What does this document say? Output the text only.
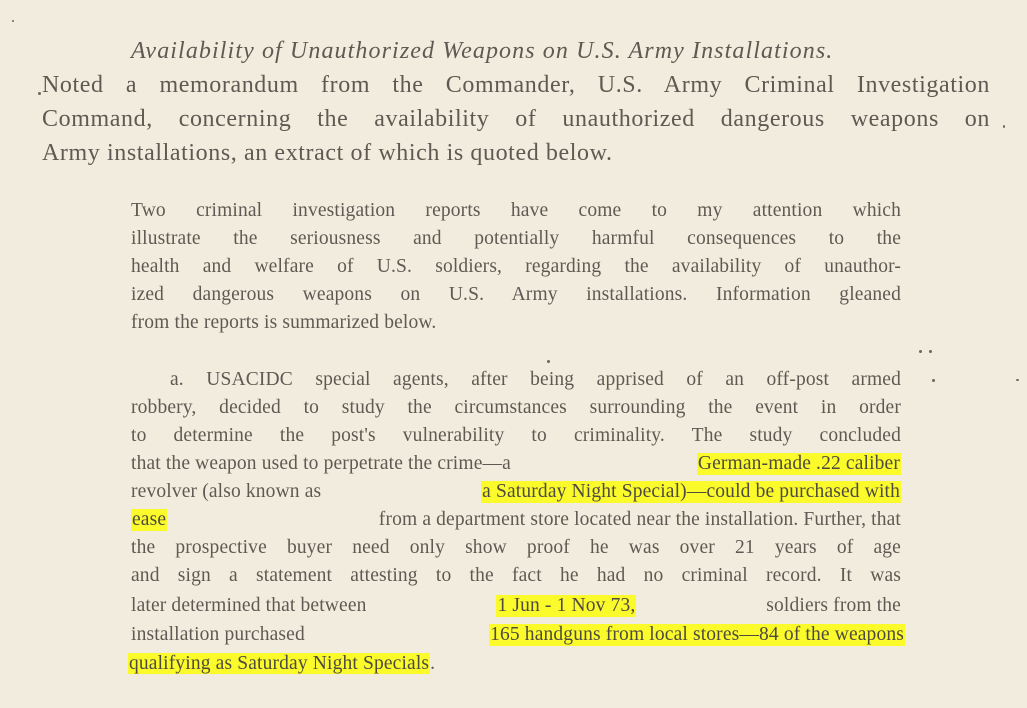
Availability of Unauthorized Weapons on U.S. Army Installations.
Noted a memorandum from the Commander, U.S. Army Criminal Investigation
Command, concerning the availability of unauthorized dangerous weapons on
Army installations, an extract of which is quoted below.
Two criminal investigation reports have come to my attention which
illustrate the seriousness and potentially harmful consequences to the
health and welfare of U.S. soldiers, regarding the availability of unauthor-
ized dangerous weapons on U.S. Army installations. Information gleaned
from the reports is summarized below.
a. USACIDC special agents, after being apprised of an off-post armed
robbery, decided to study the circumstances surrounding the event in order
to determine the post's vulnerability to criminality. The study concluded
that the weapon used to perpetrate the crime—a	German-made .22 caliber
revolver (also known as	a Saturday Night Special)—could be purchased with
ease	from a department store located near the installation. Further, that
the prospective buyer need only show proof he was over 21 years of age
and sign a statement attesting to the fact he had no criminal record. It was
later determined that between	1 Jun - 1 Nov 73,	soldiers from the
installation purchased	165 handguns from local stores—84 of the weapons
qualifying as Saturday Night Specials.
